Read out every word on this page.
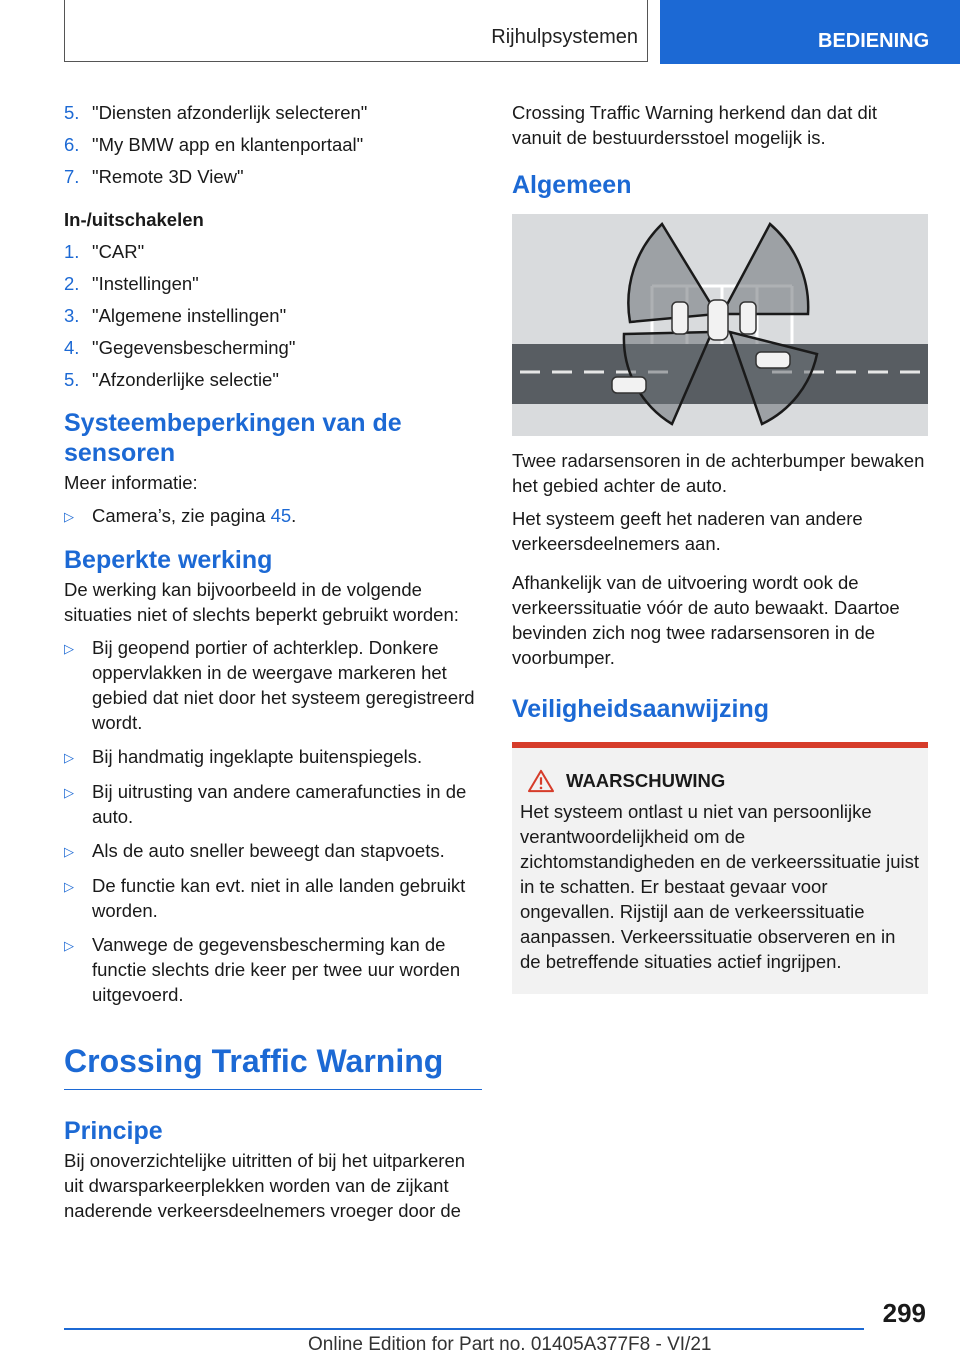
Rijhulpsystemen	BEDIENING
5. "Diensten afzonderlijk selecteren"
6. "My BMW app en klantenportaal"
7. "Remote 3D View"
In-/uitschakelen
1. "CAR"
2. "Instellingen"
3. "Algemene instellingen"
4. "Gegevensbescherming"
5. "Afzonderlijke selectie"
Systeembeperkingen van de sensoren

Meer informatie:

▷ Camera’s, zie pagina 45.
Beperkte werking

De werking kan bijvoorbeeld in de volgende situaties niet of slechts beperkt gebruikt worden:

▷ Bij geopend portier of achterklep. Donkere oppervlakken in de weergave markeren het gebied dat niet door het systeem geregistreerd wordt.
▷ Bij handmatig ingeklapte buitenspiegels.
▷ Bij uitrusting van andere camerafuncties in de auto.
▷ Als de auto sneller beweegt dan stapvoets.
▷ De functie kan evt. niet in alle landen gebruikt worden.
▷ Vanwege de gegevensbescherming kan de functie slechts drie keer per twee uur worden uitgevoerd.
Crossing Traffic Warning
Principe

Bij onoverzichtelijke uitritten of bij het uitparkeren uit dwarsparkeerplekken worden van de zijkant naderende verkeersdeelnemers vroeger door de

Crossing Traffic Warning herkend dan dat dit vanuit de bestuurdersstoel mogelijk is.

Algemeen

Twee radarsensoren in de achterbumper bewaken het gebied achter de auto.

Het systeem geeft het naderen van andere verkeersdeelnemers aan.

Afhankelijk van de uitvoering wordt ook de verkeerssituatie vóór de auto bewaakt. Daartoe bevinden zich nog twee radarsensoren in de voorbumper.

Veiligheidsaanwijzing
WAARSCHUWING
Het systeem ontlast u niet van persoonlijke verantwoordelijkheid om de zichtomstandigheden en de verkeerssituatie juist in te schatten. Er bestaat gevaar voor ongevallen. Rijstijl aan de verkeerssituatie aanpassen. Verkeerssituatie observeren en in de betreffende situaties actief ingrijpen.
299
Online Edition for Part no. 01405A377F8 - VI/21
